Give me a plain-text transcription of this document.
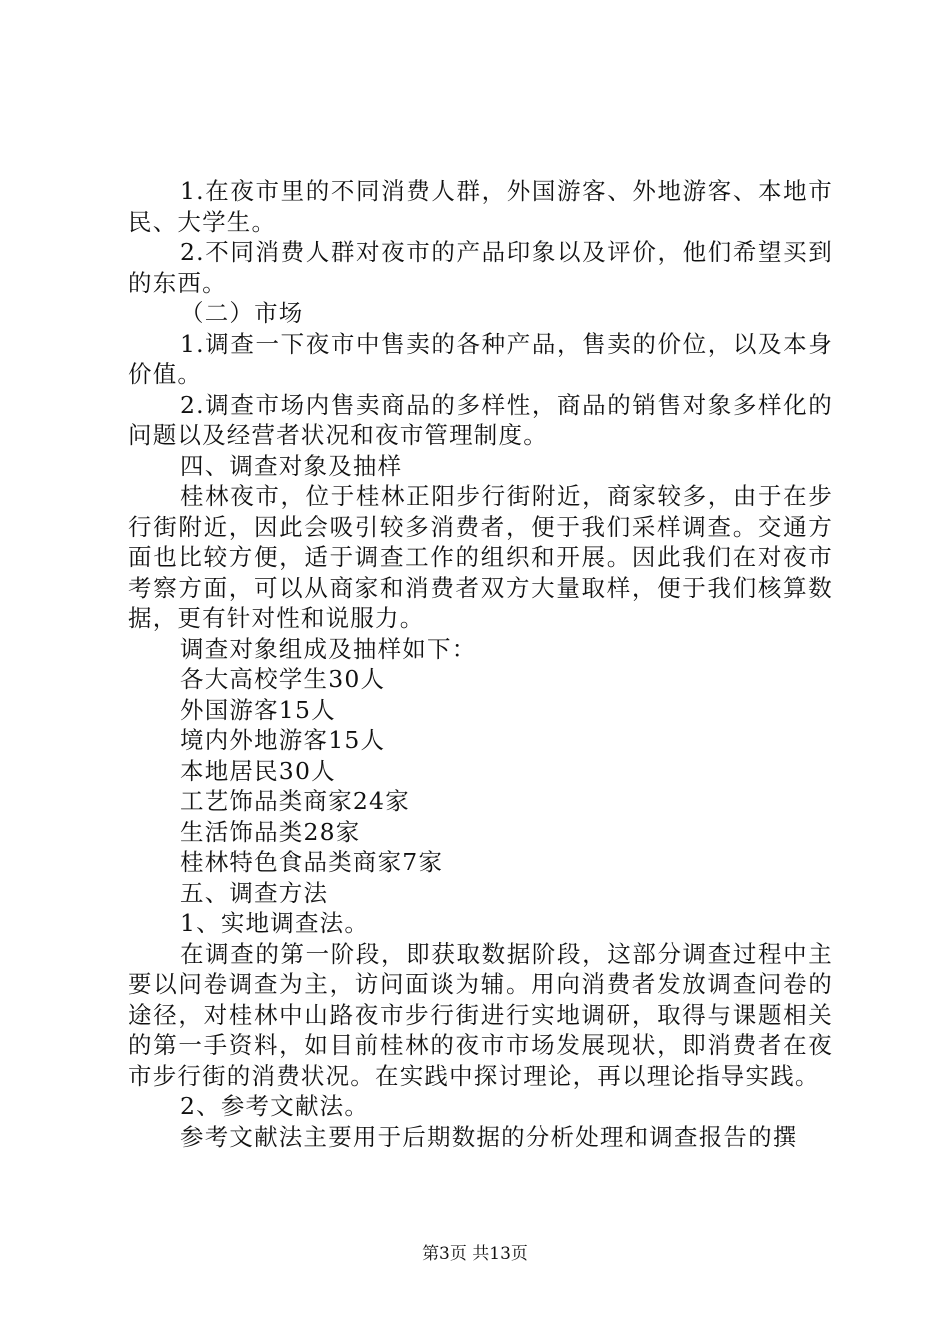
1.在夜市里的不同消费人群，外国游客、外地游客、本地市民、大学生。

2.不同消费人群对夜市的产品印象以及评价，他们希望买到的东西。

（二）市场

1.调查一下夜市中售卖的各种产品，售卖的价位，以及本身价值。

2.调查市场内售卖商品的多样性，商品的销售对象多样化的问题以及经营者状况和夜市管理制度。

四、调查对象及抽样

桂林夜市，位于桂林正阳步行街附近，商家较多，由于在步行街附近，因此会吸引较多消费者，便于我们采样调查。交通方面也比较方便，适于调查工作的组织和开展。因此我们在对夜市考察方面，可以从商家和消费者双方大量取样，便于我们核算数据，更有针对性和说服力。

调查对象组成及抽样如下：

各大高校学生30人

外国游客15人

境内外地游客15人

本地居民30人

工艺饰品类商家24家

生活饰品类28家

桂林特色食品类商家7家

五、调查方法

1、实地调查法。

在调查的第一阶段，即获取数据阶段，这部分调查过程中主要以问卷调查为主，访问面谈为辅。用向消费者发放调查问卷的途径，对桂林中山路夜市步行街进行实地调研，取得与课题相关的第一手资料，如目前桂林的夜市市场发展现状，即消费者在夜市步行街的消费状况。在实践中探讨理论，再以理论指导实践。

2、参考文献法。

参考文献法主要用于后期数据的分析处理和调查报告的撰

第3页 共13页
